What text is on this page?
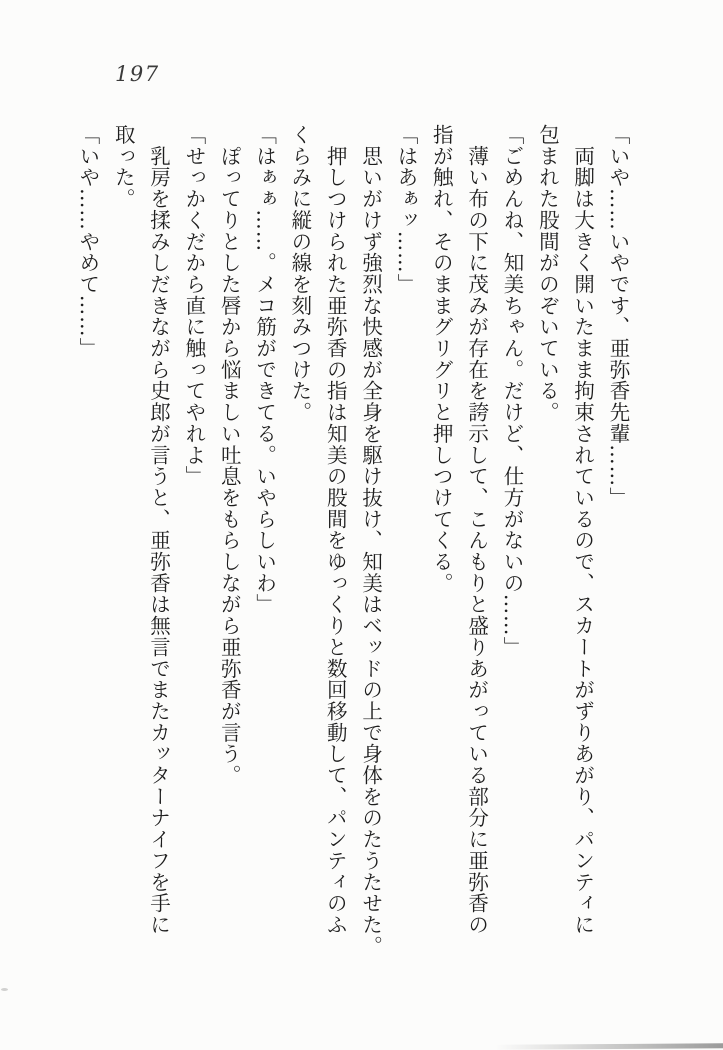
197
「いや……いやです、亜弥香先輩……」
　両脚は大きく開いたまま拘束されているので、スカートがずりあがり、パンティに
包まれた股間がのぞいている。
「ごめんね、知美ちゃん。だけど、仕方がないの……」
　薄い布の下に茂みが存在を誇示して、こんもりと盛りあがっている部分に亜弥香の
指が触れ、そのままグリグリと押しつけてくる。
「はあぁッ……」
　思いがけず強烈な快感が全身を駆け抜け、知美はベッドの上で身体をのたうたせた。
　押しつけられた亜弥香の指は知美の股間をゆっくりと数回移動して、パンティのふ
くらみに縦の線を刻みつけた。
「はぁぁ……。メコ筋ができてる。いやらしいわ」
　ぽってりとした唇から悩ましい吐息をもらしながら亜弥香が言う。
「せっかくだから直に触ってやれよ」
　乳房を揉みしだきながら史郎が言うと、亜弥香は無言でまたカッターナイフを手に
取った。
「いや……やめて……」
